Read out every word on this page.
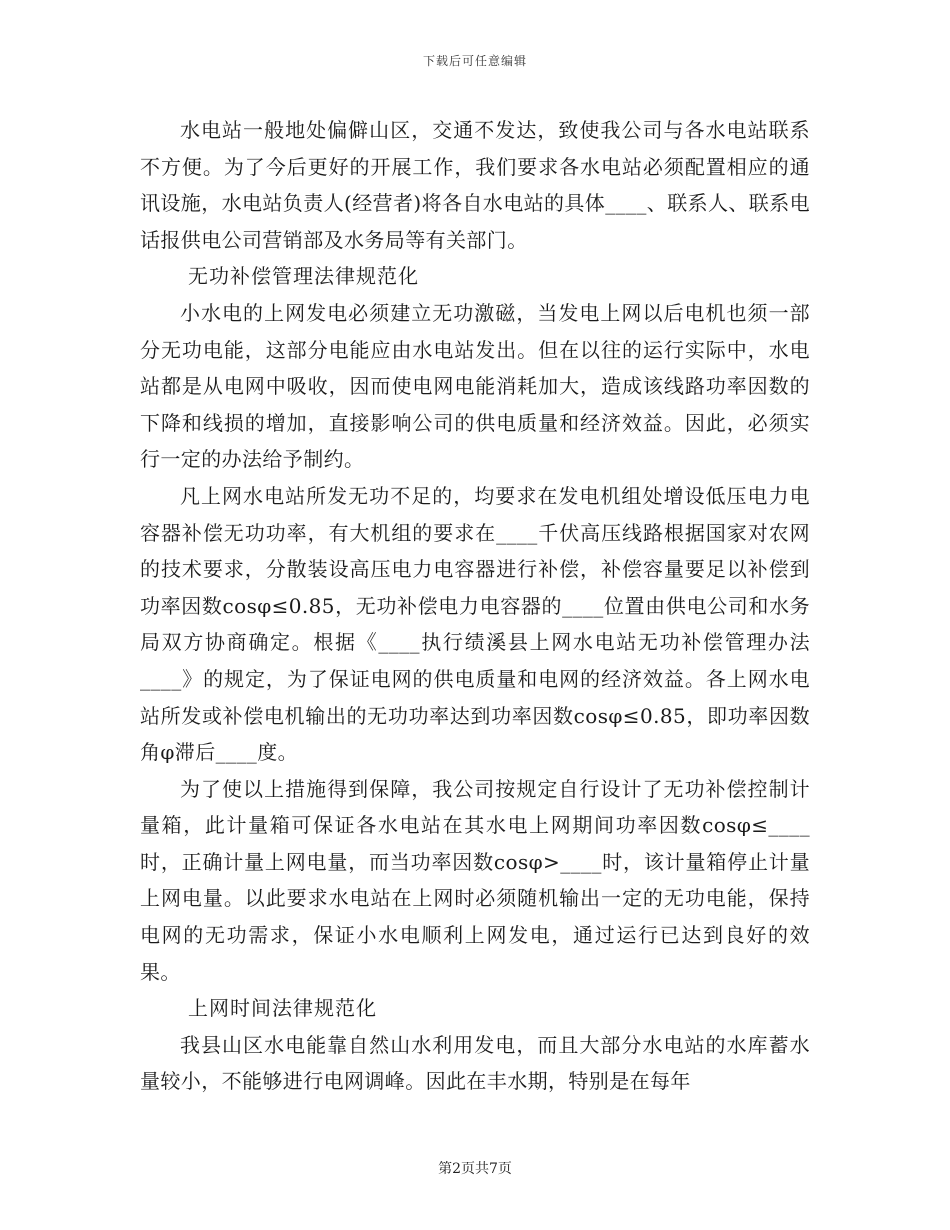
下载后可任意编辑

水电站一般地处偏僻山区，交通不发达，致使我公司与各水电站联系不方便。为了今后更好的开展工作，我们要求各水电站必须配置相应的通讯设施，水电站负责人(经营者)将各自水电站的具体____、联系人、联系电话报供电公司营销部及水务局等有关部门。

无功补偿管理法律规范化

小水电的上网发电必须建立无功激磁，当发电上网以后电机也须一部分无功电能，这部分电能应由水电站发出。但在以往的运行实际中，水电站都是从电网中吸收，因而使电网电能消耗加大，造成该线路功率因数的下降和线损的增加，直接影响公司的供电质量和经济效益。因此，必须实行一定的办法给予制约。

凡上网水电站所发无功不足的，均要求在发电机组处增设低压电力电容器补偿无功功率，有大机组的要求在____千伏高压线路根据国家对农网的技术要求，分散装设高压电力电容器进行补偿，补偿容量要足以补偿到功率因数cosφ≤0.85，无功补偿电力电容器的____位置由供电公司和水务局双方协商确定。根据《____执行绩溪县上网水电站无功补偿管理办法____》的规定，为了保证电网的供电质量和电网的经济效益。各上网水电站所发或补偿电机输出的无功功率达到功率因数cosφ≤0.85，即功率因数角φ滞后____度。

为了使以上措施得到保障，我公司按规定自行设计了无功补偿控制计量箱，此计量箱可保证各水电站在其水电上网期间功率因数cosφ≤____时，正确计量上网电量，而当功率因数cosφ>____时，该计量箱停止计量上网电量。以此要求水电站在上网时必须随机输出一定的无功电能，保持电网的无功需求，保证小水电顺利上网发电，通过运行已达到良好的效果。

上网时间法律规范化

我县山区水电能靠自然山水利用发电，而且大部分水电站的水库蓄水量较小，不能够进行电网调峰。因此在丰水期，特别是在每年

第2页共7页
